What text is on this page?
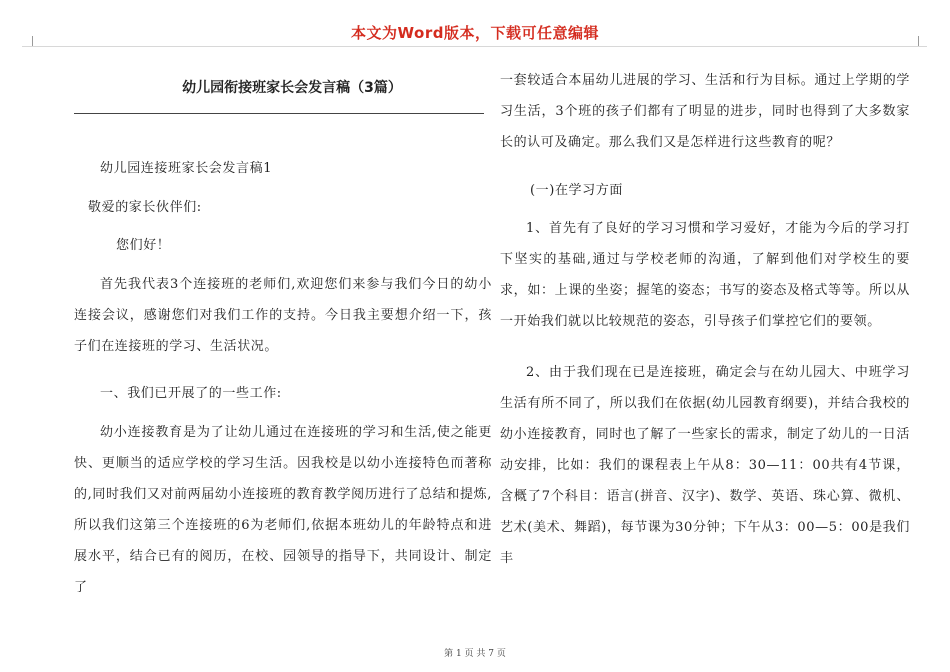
本文为Word版本，下载可任意编辑
幼儿园衔接班家长会发言稿（3篇）
幼儿园连接班家长会发言稿1
敬爱的家长伙伴们:
您们好！
首先我代表3个连接班的老师们,欢迎您们来参与我们今日的幼小连接会议，感谢您们对我们工作的支持。今日我主要想介绍一下，孩子们在连接班的学习、生活状况。
一、我们已开展了的一些工作:
幼小连接教育是为了让幼儿通过在连接班的学习和生活,使之能更快、更顺当的适应学校的学习生活。因我校是以幼小连接特色而著称的,同时我们又对前两届幼小连接班的教育教学阅历进行了总结和提炼,所以我们这第三个连接班的6为老师们,依据本班幼儿的年龄特点和进展水平，结合已有的阅历，在校、园领导的指导下，共同设计、制定了
一套较适合本届幼儿进展的学习、生活和行为目标。通过上学期的学习生活，3个班的孩子们都有了明显的进步，同时也得到了大多数家长的认可及确定。那么我们又是怎样进行这些教育的呢？
(一)在学习方面
1、首先有了良好的学习习惯和学习爱好，才能为今后的学习打下坚实的基础,通过与学校老师的沟通，了解到他们对学校生的要求，如：上课的坐姿；握笔的姿态；书写的姿态及格式等等。所以从一开始我们就以比较规范的姿态，引导孩子们掌控它们的要领。
2、由于我们现在已是连接班，确定会与在幼儿园大、中班学习生活有所不同了，所以我们在依据(幼儿园教育纲要)，并结合我校的幼小连接教育，同时也了解了一些家长的需求，制定了幼儿的一日活动安排，比如：我们的课程表上午从8：30—11：00共有4节课，含概了7个科目：语言(拼音、汉字)、数学、英语、珠心算、微机、艺术(美术、舞蹈)，每节课为30分钟；下午从3：00—5：00是我们丰
第 1 页 共 7 页
